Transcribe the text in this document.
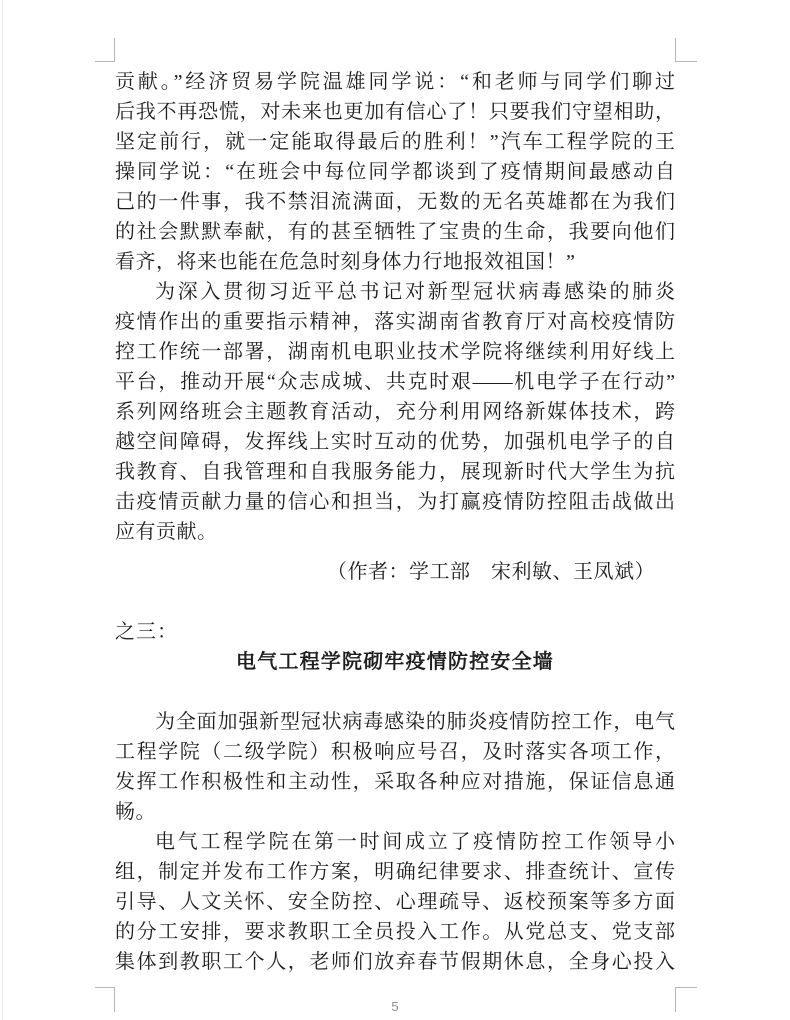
贡献。”经济贸易学院温雄同学说：“和老师与同学们聊过
后我不再恐慌，对未来也更加有信心了！只要我们守望相助，
坚定前行，就一定能取得最后的胜利！”汽车工程学院的王
操同学说：“在班会中每位同学都谈到了疫情期间最感动自
己的一件事，我不禁泪流满面，无数的无名英雄都在为我们
的社会默默奉献，有的甚至牺牲了宝贵的生命，我要向他们
看齐，将来也能在危急时刻身体力行地报效祖国！”
为深入贯彻习近平总书记对新型冠状病毒感染的肺炎
疫情作出的重要指示精神，落实湖南省教育厅对高校疫情防
控工作统一部署，湖南机电职业技术学院将继续利用好线上
平台，推动开展“众志成城、共克时艰——机电学子在行动”
系列网络班会主题教育活动，充分利用网络新媒体技术，跨
越空间障碍，发挥线上实时互动的优势，加强机电学子的自
我教育、自我管理和自我服务能力，展现新时代大学生为抗
击疫情贡献力量的信心和担当，为打赢疫情防控阻击战做出
应有贡献。
（作者：学工部　宋利敏、王凤斌）
之三：
电气工程学院砌牢疫情防控安全墙
为全面加强新型冠状病毒感染的肺炎疫情防控工作，电气
工程学院（二级学院）积极响应号召，及时落实各项工作，
发挥工作积极性和主动性，采取各种应对措施，保证信息通
畅。
电气工程学院在第一时间成立了疫情防控工作领导小
组，制定并发布工作方案，明确纪律要求、排查统计、宣传
引导、人文关怀、安全防控、心理疏导、返校预案等多方面
的分工安排，要求教职工全员投入工作。从党总支、党支部
集体到教职工个人，老师们放弃春节假期休息，全身心投入
5
